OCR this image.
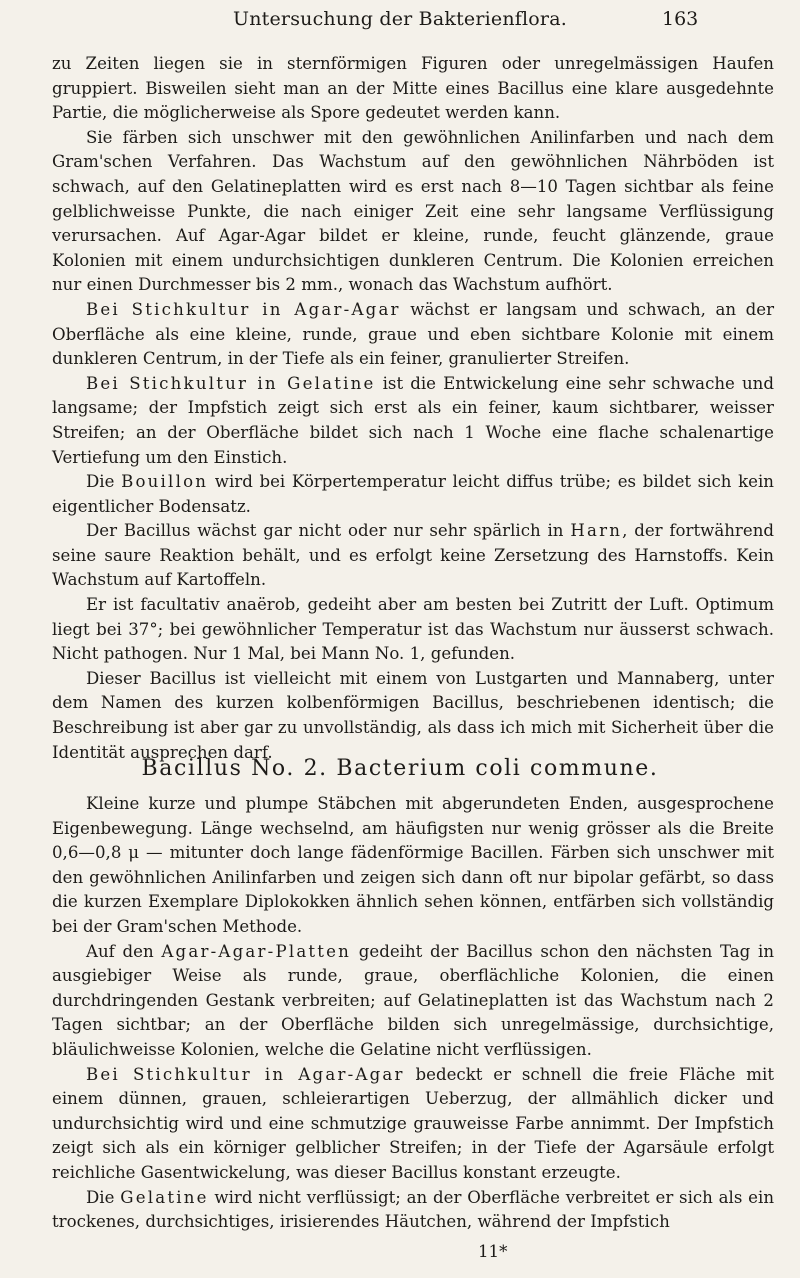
Untersuchung der Bakterienflora.	163

zu Zeiten liegen sie in sternförmigen Figuren oder unregelmässigen Haufen gruppiert. Bisweilen sieht man an der Mitte eines Bacillus eine klare ausgedehnte Partie, die möglicherweise als Spore gedeutet werden kann.

Sie färben sich unschwer mit den gewöhnlichen Anilinfarben und nach dem Gram'schen Verfahren. Das Wachstum auf den gewöhnlichen Nährböden ist schwach, auf den Gelatineplatten wird es erst nach 8—10 Tagen sichtbar als feine gelblichweisse Punkte, die nach einiger Zeit eine sehr langsame Verflüssigung verursachen. Auf Agar-Agar bildet er kleine, runde, feucht glänzende, graue Kolonien mit einem undurchsichtigen dunkleren Centrum. Die Kolonien erreichen nur einen Durchmesser bis 2 mm., wonach das Wachstum aufhört.

Bei Stichkultur in Agar-Agar wächst er langsam und schwach, an der Oberfläche als eine kleine, runde, graue und eben sichtbare Kolonie mit einem dunkleren Centrum, in der Tiefe als ein feiner, granulierter Streifen.

Bei Stichkultur in Gelatine ist die Entwickelung eine sehr schwache und langsame; der Impfstich zeigt sich erst als ein feiner, kaum sichtbarer, weisser Streifen; an der Oberfläche bildet sich nach 1 Woche eine flache schalenartige Vertiefung um den Einstich.

Die Bouillon wird bei Körpertemperatur leicht diffus trübe; es bildet sich kein eigentlicher Bodensatz.

Der Bacillus wächst gar nicht oder nur sehr spärlich in Harn, der fortwährend seine saure Reaktion behält, und es erfolgt keine Zersetzung des Harnstoffs. Kein Wachstum auf Kartoffeln.

Er ist facultativ anaërob, gedeiht aber am besten bei Zutritt der Luft. Optimum liegt bei 37°; bei gewöhnlicher Temperatur ist das Wachstum nur äusserst schwach. Nicht pathogen. Nur 1 Mal, bei Mann No. 1, gefunden.

Dieser Bacillus ist vielleicht mit einem von Lustgarten und Mannaberg, unter dem Namen des kurzen kolbenförmigen Bacillus, beschriebenen identisch; die Beschreibung ist aber gar zu unvollständig, als dass ich mich mit Sicherheit über die Identität ausprechen darf.

Bacillus No. 2. Bacterium coli commune.

Kleine kurze und plumpe Stäbchen mit abgerundeten Enden, ausgesprochene Eigenbewegung. Länge wechselnd, am häufigsten nur wenig grösser als die Breite 0,6—0,8 μ — mitunter doch lange fädenförmige Bacillen. Färben sich unschwer mit den gewöhnlichen Anilinfarben und zeigen sich dann oft nur bipolar gefärbt, so dass die kurzen Exemplare Diplokokken ähnlich sehen können, entfärben sich vollständig bei der Gram'schen Methode.

Auf den Agar-Agar-Platten gedeiht der Bacillus schon den nächsten Tag in ausgiebiger Weise als runde, graue, oberflächliche Kolonien, die einen durchdringenden Gestank verbreiten; auf Gelatineplatten ist das Wachstum nach 2 Tagen sichtbar; an der Oberfläche bilden sich unregelmässige, durchsichtige, bläulichweisse Kolonien, welche die Gelatine nicht verflüssigen.

Bei Stichkultur in Agar-Agar bedeckt er schnell die freie Fläche mit einem dünnen, grauen, schleierartigen Ueberzug, der allmählich dicker und undurchsichtig wird und eine schmutzige grauweisse Farbe annimmt. Der Impfstich zeigt sich als ein körniger gelblicher Streifen; in der Tiefe der Agarsäule erfolgt reichliche Gasentwickelung, was dieser Bacillus konstant erzeugte.

Die Gelatine wird nicht verflüssigt; an der Oberfläche verbreitet er sich als ein trockenes, durchsichtiges, irisierendes Häutchen, während der Impfstich

11*
